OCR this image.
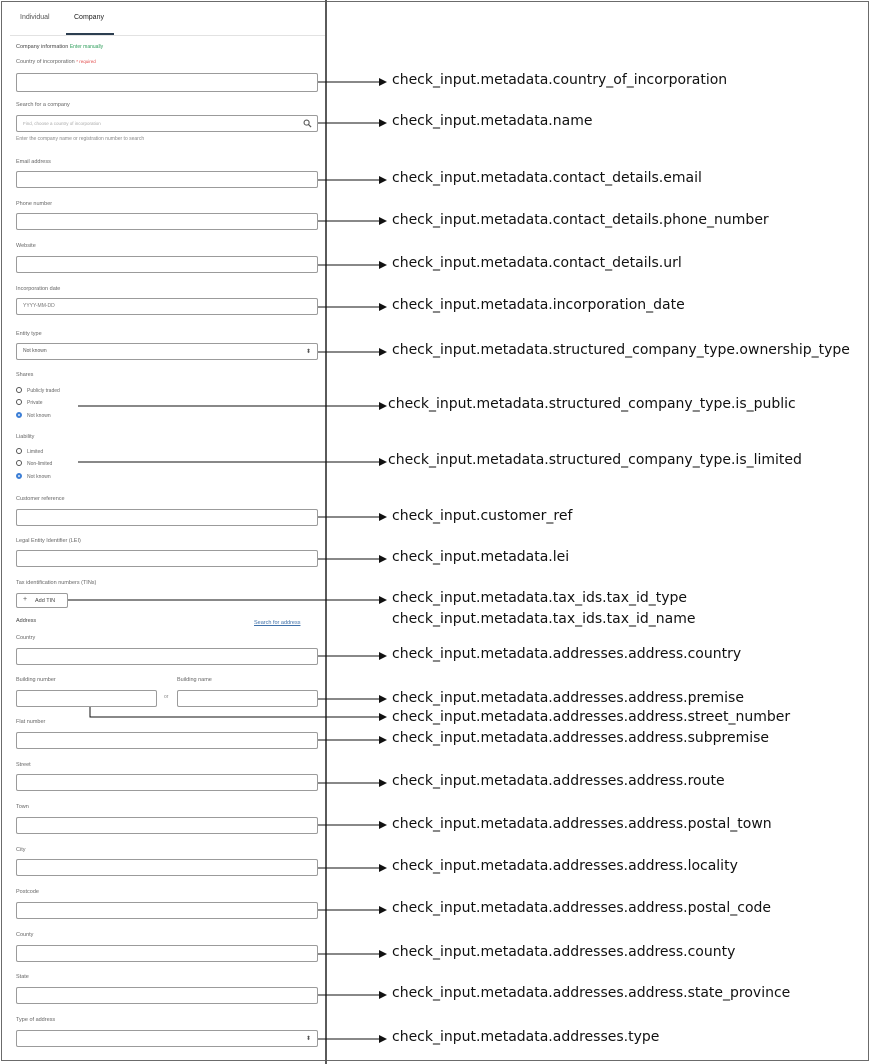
Individual	Company
Company information Enter manually
Country of incorporation * required
Search for a company
Find, choose a country of incorporation
Enter the company name or registration number to search
Email address
Phone number
Website
Incorporation date
YYYY-MM-DD
Entity type
Not known	⬍
Shares
Publicly traded
Private
Not known
Liability
Limited
Non-limited
Not known
Customer reference
Legal Entity Identifier (LEI)
Tax identification numbers (TINs)
+ Add TIN
Address	Search for address
Country
Building number	Building name
or
Flat number
Street
Town
City
Postcode
County
State
Type of address
⬍
check_input.metadata.country_of_incorporation
check_input.metadata.name
check_input.metadata.contact_details.email
check_input.metadata.contact_details.phone_number
check_input.metadata.contact_details.url
check_input.metadata.incorporation_date
check_input.metadata.structured_company_type.ownership_type
check_input.metadata.structured_company_type.is_public
check_input.metadata.structured_company_type.is_limited
check_input.customer_ref
check_input.metadata.lei
check_input.metadata.tax_ids.tax_id_type
check_input.metadata.tax_ids.tax_id_name
check_input.metadata.addresses.address.country
check_input.metadata.addresses.address.premise
check_input.metadata.addresses.address.street_number
check_input.metadata.addresses.address.subpremise
check_input.metadata.addresses.address.route
check_input.metadata.addresses.address.postal_town
check_input.metadata.addresses.address.locality
check_input.metadata.addresses.address.postal_code
check_input.metadata.addresses.address.county
check_input.metadata.addresses.address.state_province
check_input.metadata.addresses.type
